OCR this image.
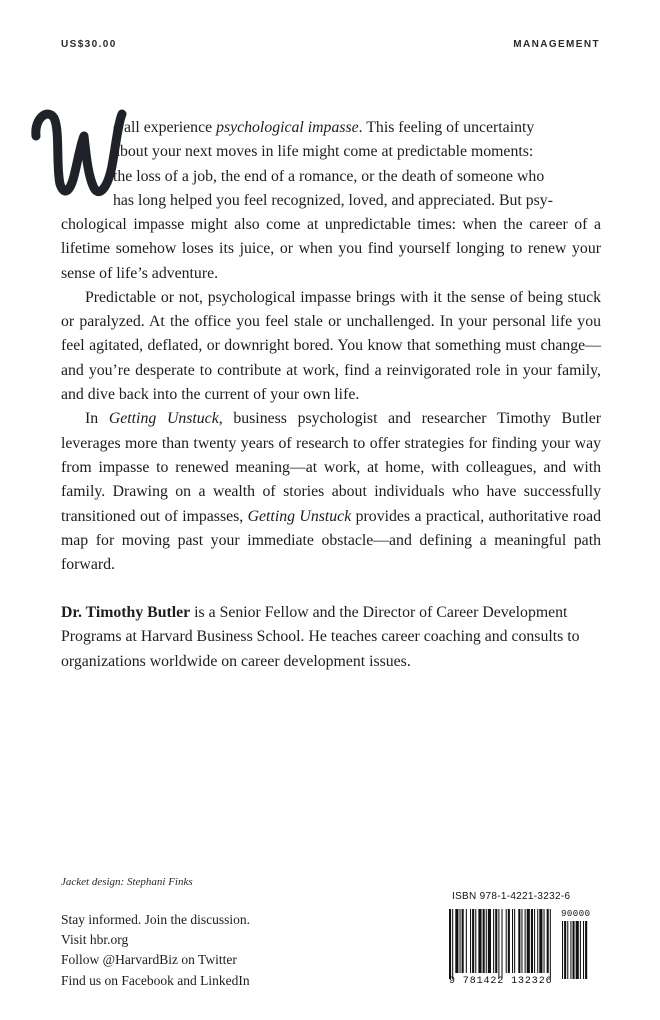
US$30.00	MANAGEMENT

e all experience psychological impasse. This feeling of uncertainty

about your next moves in life might come at predictable moments:

the loss of a job, the end of a romance, or the death of someone who

has long helped you feel recognized, loved, and appreciated. But psy-

chological impasse might also come at unpredictable times: when the career of a lifetime somehow loses its juice, or when you find yourself longing to renew your sense of life’s adventure.

Predictable or not, psychological impasse brings with it the sense of being stuck or paralyzed. At the office you feel stale or unchallenged. In your personal life you feel agitated, deflated, or downright bored. You know that something must change—and you’re desperate to contribute at work, find a reinvigorated role in your family, and dive back into the current of your own life.

In Getting Unstuck, business psychologist and researcher Timothy Butler leverages more than twenty years of research to offer strategies for finding your way from impasse to renewed meaning—at work, at home, with colleagues, and with family. Drawing on a wealth of stories about individuals who have successfully transitioned out of impasses, Getting Unstuck provides a practical, authoritative road map for moving past your immediate obstacle—and defining a meaningful path forward.

Dr. Timothy Butler is a Senior Fellow and the Director of Career Development Programs at Harvard Business School. He teaches career coaching and consults to organizations worldwide on career development issues.
Jacket design: Stephani Finks
Stay informed. Join the discussion.
Visit hbr.org
Follow @HarvardBiz on Twitter
Find us on Facebook and LinkedIn
ISBN 978-1-4221-3232-6
9 781422 132326
90000
